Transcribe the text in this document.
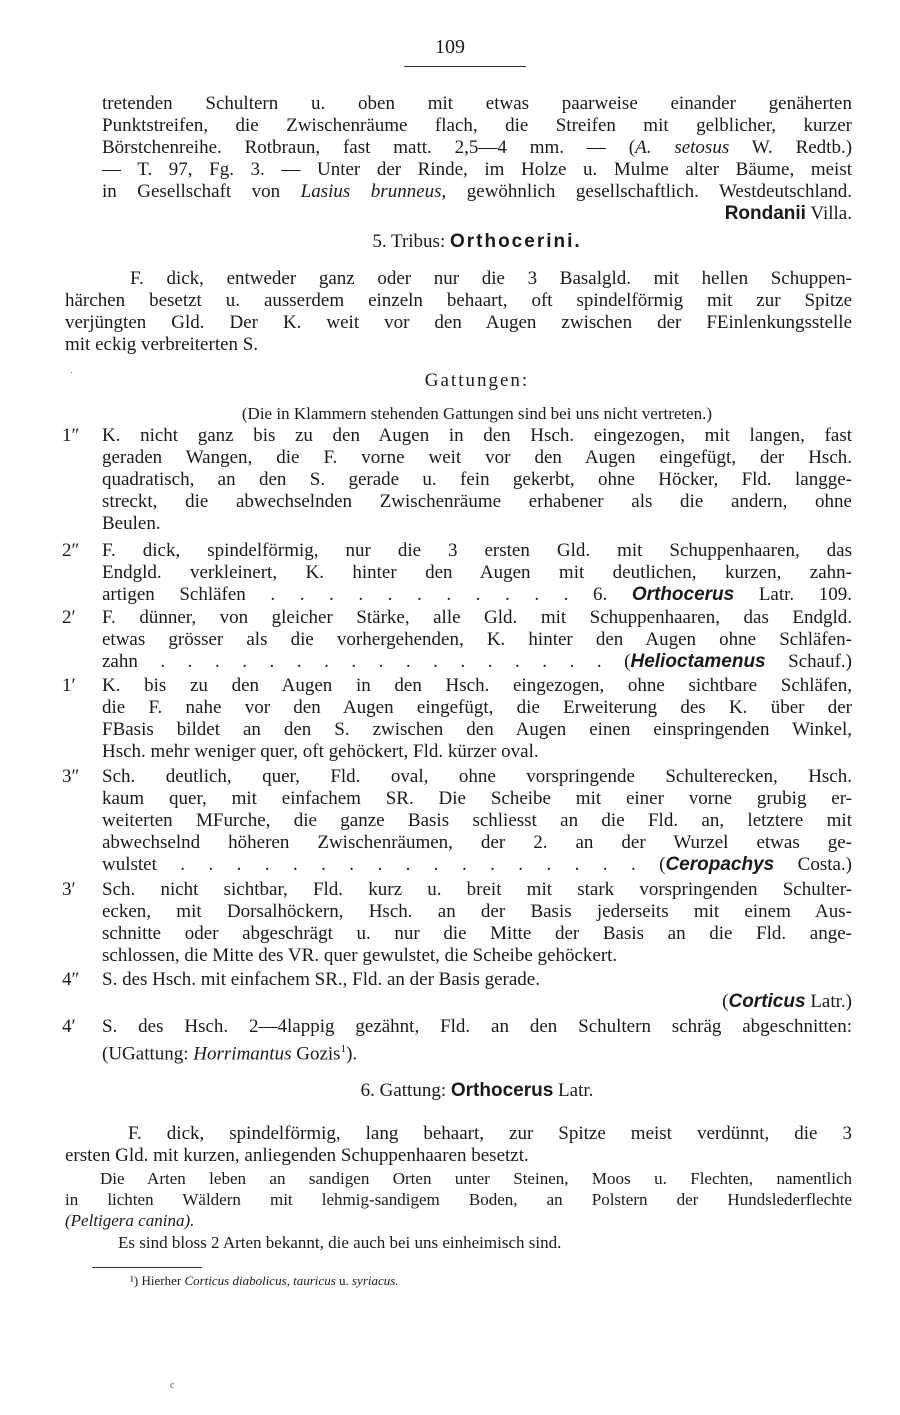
109
tretenden Schultern u. oben mit etwas paarweise einander genäherten
Punktstreifen, die Zwischenräume flach, die Streifen mit gelblicher, kurzer
Börstchenreihe. Rotbraun, fast matt. 2,5—4 mm. — (A. setosus W. Redtb.)
— T. 97, Fg. 3. — Unter der Rinde, im Holze u. Mulme alter Bäume, meist
in Gesellschaft von Lasius brunneus, gewöhnlich gesellschaftlich. Westdeutschland.
Rondanii Villa.
5. Tribus: Orthocerini.
F. dick, entweder ganz oder nur die 3 Basalgld. mit hellen Schuppen-
härchen besetzt u. ausserdem einzeln behaart, oft spindelförmig mit zur Spitze
verjüngten Gld. Der K. weit vor den Augen zwischen der FEinlenkungsstelle
mit eckig verbreiterten S.
Gattungen:
(Die in Klammern stehenden Gattungen sind bei uns nicht vertreten.)
1″ K. nicht ganz bis zu den Augen in den Hsch. eingezogen, mit langen, fast
geraden Wangen, die F. vorne weit vor den Augen eingefügt, der Hsch.
quadratisch, an den S. gerade u. fein gekerbt, ohne Höcker, Fld. langge-
streckt, die abwechselnden Zwischenräume erhabener als die andern, ohne
Beulen.
2″ F. dick, spindelförmig, nur die 3 ersten Gld. mit Schuppenhaaren, das
Endgld. verkleinert, K. hinter den Augen mit deutlichen, kurzen, zahn-
artigen Schläfen . . . . . . . . . . . 6. Orthocerus Latr. 109.
2′ F. dünner, von gleicher Stärke, alle Gld. mit Schuppenhaaren, das Endgld.
etwas grösser als die vorhergehenden, K. hinter den Augen ohne Schläfen-
zahn . . . . . . . . . . . . . . . . . (Helioctamenus Schauf.)
1′ K. bis zu den Augen in den Hsch. eingezogen, ohne sichtbare Schläfen,
die F. nahe vor den Augen eingefügt, die Erweiterung des K. über der
FBasis bildet an den S. zwischen den Augen einen einspringenden Winkel,
Hsch. mehr weniger quer, oft gehöckert, Fld. kürzer oval.
3″ Sch. deutlich, quer, Fld. oval, ohne vorspringende Schulterecken, Hsch.
kaum quer, mit einfachem SR. Die Scheibe mit einer vorne grubig er-
weiterten MFurche, die ganze Basis schliesst an die Fld. an, letztere mit
abwechselnd höheren Zwischenräumen, der 2. an der Wurzel etwas ge-
wulstet . . . . . . . . . . . . . . . . . (Ceropachys Costa.)
3′ Sch. nicht sichtbar, Fld. kurz u. breit mit stark vorspringenden Schulter-
ecken, mit Dorsalhöckern, Hsch. an der Basis jederseits mit einem Aus-
schnitte oder abgeschrägt u. nur die Mitte der Basis an die Fld. ange-
schlossen, die Mitte des VR. quer gewulstet, die Scheibe gehöckert.
4″ S. des Hsch. mit einfachem SR., Fld. an der Basis gerade.
(Corticus Latr.)
4′ S. des Hsch. 2—4lappig gezähnt, Fld. an den Schultern schräg abgeschnitten:
(UGattung: Horrimantus Gozis$^1$).
6. Gattung: Orthocerus Latr.
F. dick, spindelförmig, lang behaart, zur Spitze meist verdünnt, die 3
ersten Gld. mit kurzen, anliegenden Schuppenhaaren besetzt.
Die Arten leben an sandigen Orten unter Steinen, Moos u. Flechten, namentlich
in lichten Wäldern mit lehmig-sandigem Boden, an Polstern der Hundslederflechte
(Peltigera canina).
Es sind bloss 2 Arten bekannt, die auch bei uns einheimisch sind.
¹) Hierher Corticus diabolicus, tauricus u. syriacus.
·
c
